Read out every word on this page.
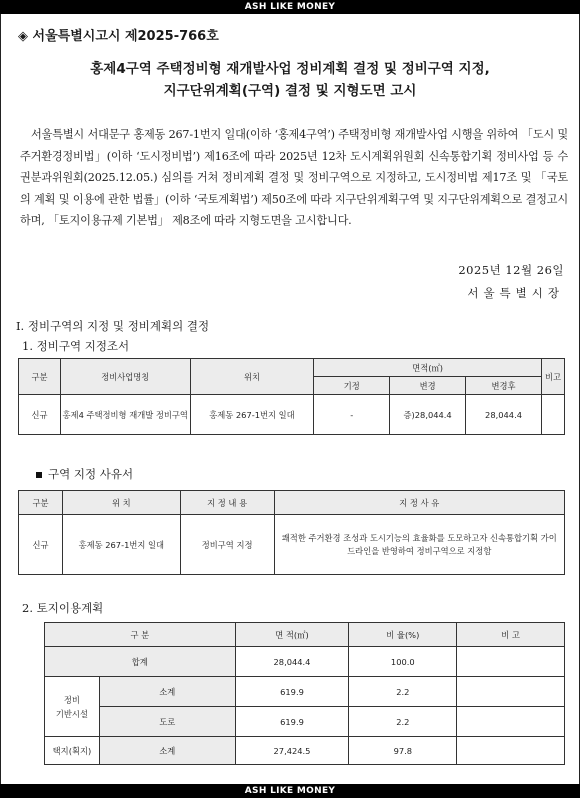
ASH LIKE MONEY
◈ 서울특별시고시 제2025-766호
홍제4구역 주택정비형 재개발사업 정비계획 결정 및 정비구역 지정,
지구단위계획(구역) 결정 및 지형도면 고시
 서울특별시 서대문구 홍제동 267-1번지 일대(이하 ‘홍제4구역’) 주택정비형 재개발사업 시행을 위하여 「도시 및 주거환경정비법」(이하 ‘도시정비법’) 제16조에 따라 2025년 12차 도시계획위원회 신속통합기획 정비사업 등 수권분과위원회(2025.12.05.) 심의를 거쳐 정비계획 결정 및 정비구역으로 지정하고, 도시정비법 제17조 및 「국토의 계획 및 이용에 관한 법률」(이하 ‘국토계획법’) 제50조에 따라 지구단위계획구역 및 지구단위계획으로 결정고시하며, 「토지이용규제 기본법」 제8조에 따라 지형도면을 고시합니다.
2025년 12월 26일
서울특별시장
Ⅰ. 정비구역의 지정 및 정비계획의 결정
1. 정비구역 지정조서
구분	정비사업명칭	위치	면적(㎡)			비고
			기정	변경	변경후	
신규	홍제4 주택정비형 재개발 정비구역	홍제동 267-1번지 일대	-	증)28,044.4	28,044.4	
구역 지정 사유서
구분	위 치	지 정 내 용	지 정 사 유
신규	홍제동 267-1번지 일대	정비구역 지정	쾌적한 주거환경 조성과 도시기능의 효율화를 도모하고자 신속통합기획 가이드라인을 반영하여 정비구역으로 지정함
2. 토지이용계획
구 분		면 적(㎡)	비 율(%)	비 고
합계		28,044.4	100.0	
정비
기반시설	소계	619.9	2.2	
	도로	619.9	2.2	
택지(획지)	소계	27,424.5	97.8	
ASH LIKE MONEY
